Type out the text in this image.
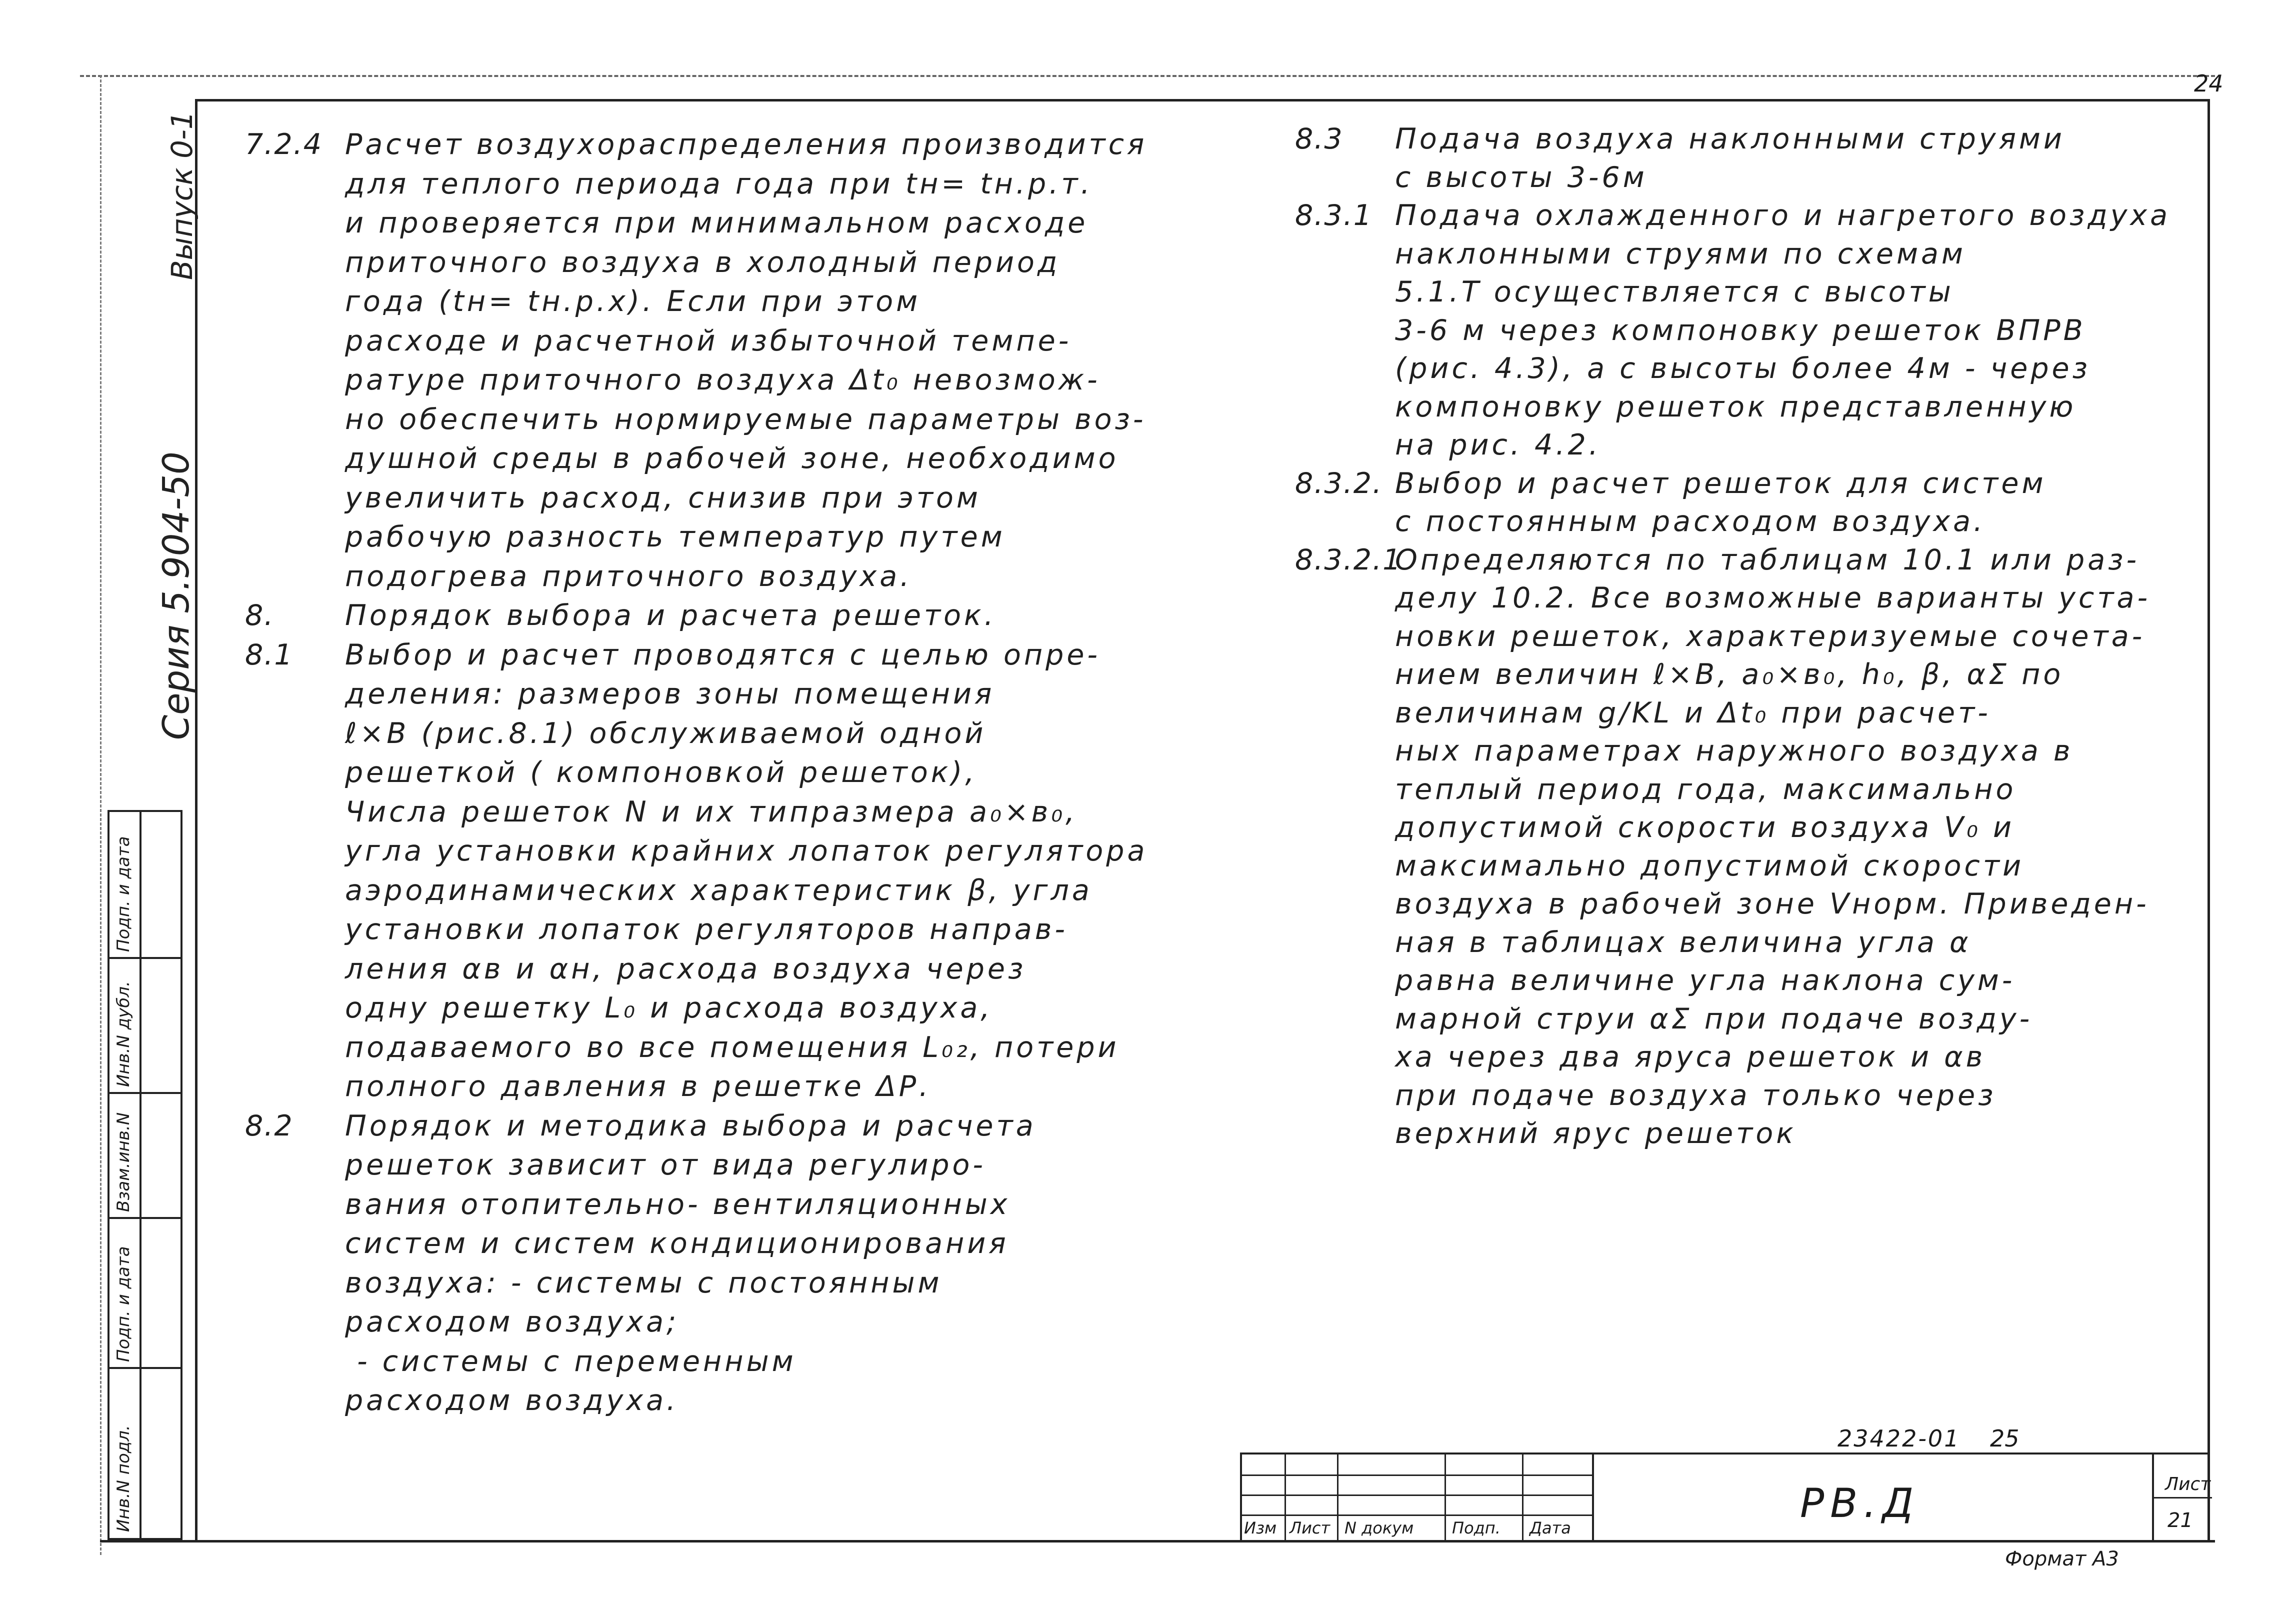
24
Серия 5.904-50
Выпуск 0-1
Инв.N подл.
Подп. и дата
Взам.инв.N
Инв.N дубл.
Подп. и дата
7.2.4 Расчет воздухораспределения производится
для теплого периода года при tн= tн.р.т.
и проверяется при минимальном расходе
приточного воздуха в холодный период
года (tн= tн.р.х). Если при этом
расходе и расчетной избыточной темпе-
ратуре приточного воздуха Δt₀ невозмож-
но обеспечить нормируемые параметры воз-
душной среды в рабочей зоне, необходимо
увеличить расход, снизив при этом
рабочую разность температур путем
подогрева приточного воздуха.
8. Порядок выбора и расчета решеток.
8.1 Выбор и расчет проводятся с целью опре-
деления: размеров зоны помещения
ℓ×В (рис.8.1) обслуживаемой одной
решеткой ( компоновкой решеток),
Числа решеток N и их типразмера а₀×в₀,
угла установки крайних лопаток регулятора
аэродинамических характеристик β, угла
установки лопаток регуляторов направ-
ления αв и αн, расхода воздуха через
одну решетку L₀ и расхода воздуха,
подаваемого во все помещения L₀₂, потери
полного давления в решетке ΔР.
8.2 Порядок и методика выбора и расчета
решеток зависит от вида регулиро-
вания отопительно- вентиляционных
систем и систем кондиционирования
воздуха: - системы с постоянным
расходом воздуха;
- системы с переменным
расходом воздуха.
8.3 Подача воздуха наклонными струями
с высоты 3-6м
8.3.1 Подача охлажденного и нагретого воздуха
наклонными струями по схемам
5.1.Т осуществляется с высоты
3-6 м через компоновку решеток ВПРВ
(рис. 4.3), а с высоты более 4м - через
компоновку решеток представленную
на рис. 4.2.
8.3.2. Выбор и расчет решеток для систем
с постоянным расходом воздуха.
8.3.2.1Определяются по таблицам 10.1 или раз-
делу 10.2. Все возможные варианты уста-
новки решеток, характеризуемые сочета-
нием величин ℓ×В, а₀×в₀, h₀, β, αΣ по
величинам g/KL и Δt₀ при расчет-
ных параметрах наружного воздуха в
теплый период года, максимально
допустимой скорости воздуха V₀ и
максимально допустимой скорости
воздуха в рабочей зоне Vнорм. Приведен-
ная в таблицах величина угла α
равна величине угла наклона сум-
марной струи αΣ при подаче возду-
ха через два яруса решеток и αв
при подаче воздуха только через
верхний ярус решеток
23422-01 25
Изм Лист N докум Подп. Дата
РВ.Д	Лист
21
Формат А3
